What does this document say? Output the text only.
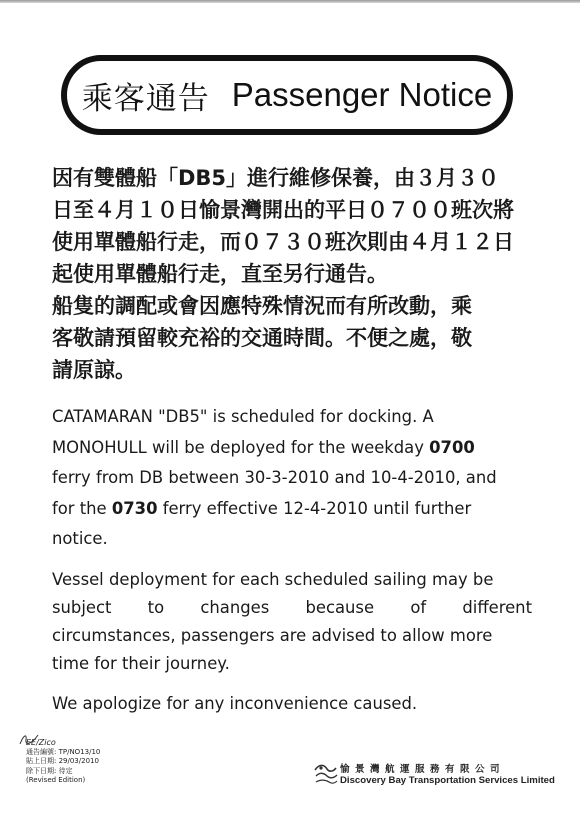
乘客通告 Passenger Notice
因有雙體船「DB5」進行維修保養，由３月３０
日至４月１０日愉景灣開出的平日０７００班次將
使用單體船行走，而０７３０班次則由４月１２日
起使用單體船行走，直至另行通告。
船隻的調配或會因應特殊情況而有所改動，乘
客敬請預留較充裕的交通時間。不便之處，敬
請原諒。
CATAMARAN "DB5" is scheduled for docking. A
MONOHULL will be deployed for the weekday 0700
ferry from DB between 30-3-2010 and 10-4-2010, and
for the 0730 ferry effective 12-4-2010 until further
notice.
Vessel deployment for each scheduled sailing may be
subject to changes because of different
circumstances, passengers are advised to allow more
time for their journey.
We apologize for any inconvenience caused.
EE/Zico
通告編號: TP/NO13/10
貼上日期: 29/03/2010
除下日期: 待定
(Revised Edition)
愉景灣航運服務有限公司
Discovery Bay Transportation Services Limited
